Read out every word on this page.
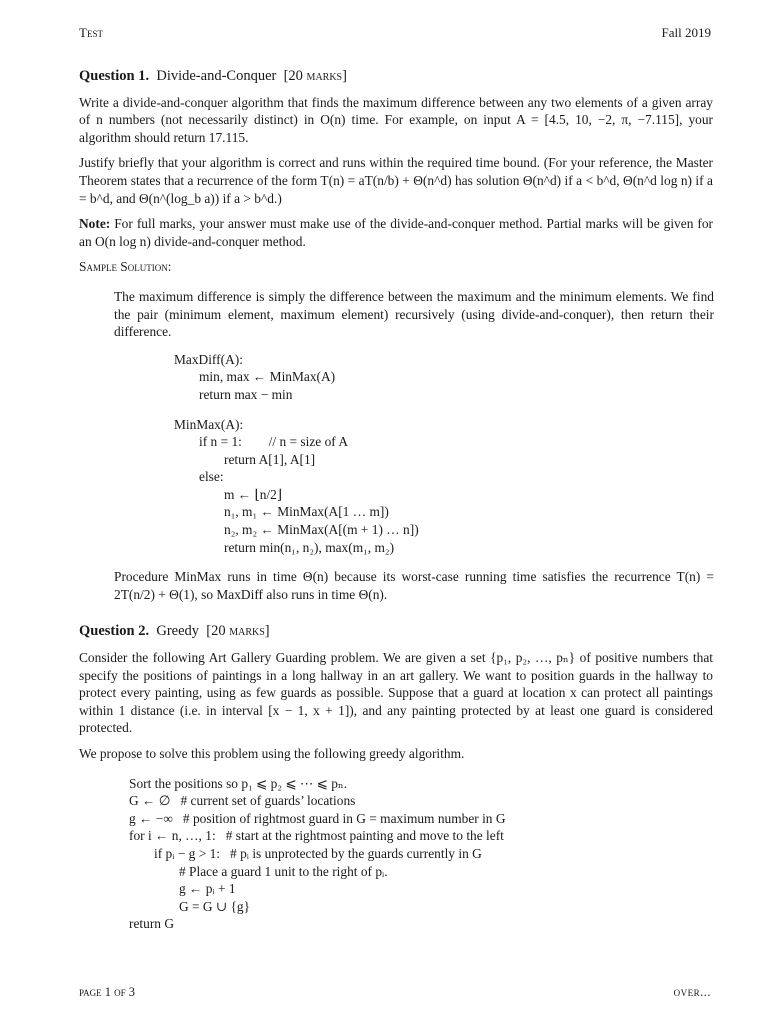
Test	Fall 2019
Question 1. Divide-and-Conquer [20 marks]

Write a divide-and-conquer algorithm that finds the maximum difference between any two elements of a given array of n numbers (not necessarily distinct) in O(n) time. For example, on input A = [4.5, 10, −2, π, −7.115], your algorithm should return 17.115.

Justify briefly that your algorithm is correct and runs within the required time bound. (For your reference, the Master Theorem states that a recurrence of the form T(n) = aT(n/b) + Θ(n^d) has solution Θ(n^d) if a < b^d, Θ(n^d log n) if a = b^d, and Θ(n^(log_b a)) if a > b^d.)

Note: For full marks, your answer must make use of the divide-and-conquer method. Partial marks will be given for an O(n log n) divide-and-conquer method.

Sample Solution:

The maximum difference is simply the difference between the maximum and the minimum elements. We find the pair (minimum element, maximum element) recursively (using divide-and-conquer), then return their difference.

MaxDiff(A):
min, max ← MinMax(A)
return max − min
MinMax(A):
if n = 1:        // n = size of A
return A[1], A[1]
else:
m ← ⌊n/2⌋
n₁, m₁ ← MinMax(A[1 … m])
n₂, m₂ ← MinMax(A[(m + 1) … n])
return min(n₁, n₂), max(m₁, m₂)

Procedure MinMax runs in time Θ(n) because its worst-case running time satisfies the recurrence T(n) = 2T(n/2) + Θ(1), so MaxDiff also runs in time Θ(n).

Question 2. Greedy [20 marks]

Consider the following Art Gallery Guarding problem. We are given a set {p₁, p₂, …, pₙ} of positive numbers that specify the positions of paintings in a long hallway in an art gallery. We want to position guards in the hallway to protect every painting, using as few guards as possible. Suppose that a guard at location x can protect all paintings within 1 distance (i.e. in interval [x − 1, x + 1]), and any painting protected by at least one guard is considered protected.

We propose to solve this problem using the following greedy algorithm.

Sort the positions so p₁ ⩽ p₂ ⩽ ⋯ ⩽ pₙ.
G ← ∅   # current set of guards’ locations
g ← −∞   # position of rightmost guard in G = maximum number in G
for i ← n, …, 1:   # start at the rightmost painting and move to the left
if pᵢ − g > 1:   # pᵢ is unprotected by the guards currently in G
# Place a guard 1 unit to the right of pᵢ.
g ← pᵢ + 1
G = G ∪ {g}
return G
page 1 of 3	over...
